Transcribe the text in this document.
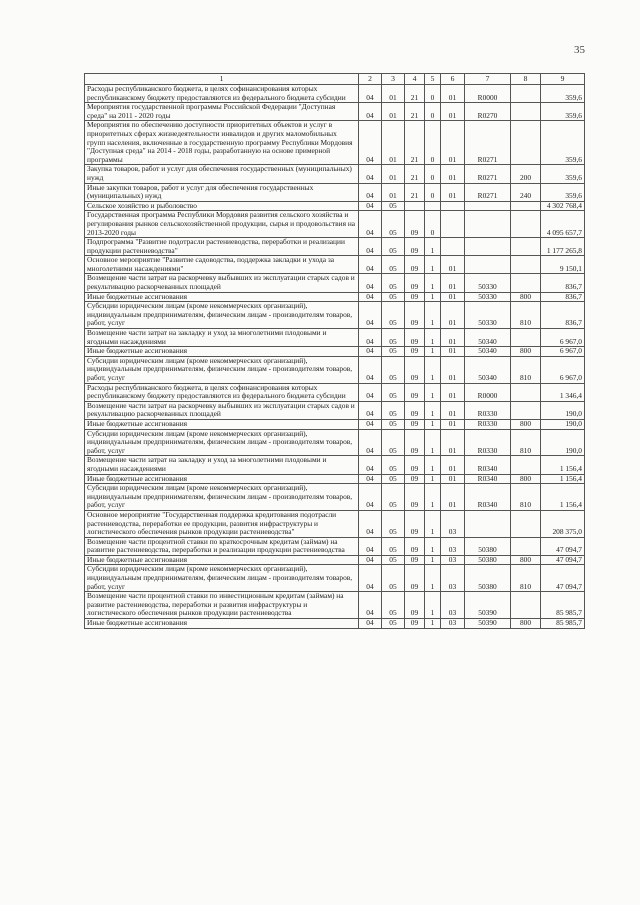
35
1	2	3	4	5	6	7	8	9
Расходы республиканского бюджета, в целях софинансирования которых республиканскому бюджету предоставляются из федерального бюджета субсидии	04	01	21	0	01	R0000		359,6
Мероприятия государственной программы Российской Федерации "Доступная среда" на 2011 - 2020 годы	04	01	21	0	01	R0270		359,6
Мероприятия по обеспечению доступности приоритетных объектов и услуг в приоритетных сферах жизнедеятельности инвалидов и других маломобильных групп населения, включенные в государственную программу Республики Мордовия "Доступная среда" на 2014 - 2018 годы, разработанную на основе примерной программы	04	01	21	0	01	R0271		359,6
Закупка товаров, работ и услуг для обеспечения государственных (муниципальных) нужд	04	01	21	0	01	R0271	200	359,6
Иные закупки товаров, работ и услуг для обеспечения государственных (муниципальных) нужд	04	01	21	0	01	R0271	240	359,6
Сельское хозяйство и рыболовство	04	05						4 302 768,4
Государственная программа Республики Мордовия развития сельского хозяйства и регулирования рынков сельскохозяйственной продукции, сырья и продовольствия на 2013-2020 годы	04	05	09	0				4 095 657,7
Подпрограмма "Развитие подотрасли растениеводства, переработки и реализации продукции растениеводства"	04	05	09	1				1 177 265,8
Основное мероприятие "Развитие садоводства, поддержка закладки и ухода за многолетними насаждениями"	04	05	09	1	01			9 150,1
Возмещение части затрат на раскорчевку выбывших из эксплуатации старых садов и рекультивацию раскорчеванных площадей	04	05	09	1	01	50330		836,7
Иные бюджетные ассигнования	04	05	09	1	01	50330	800	836,7
Субсидии юридическим лицам (кроме некоммерческих организаций), индивидуальным предпринимателям, физическим лицам - производителям товаров, работ, услуг	04	05	09	1	01	50330	810	836,7
Возмещение части затрат на закладку и уход за многолетними плодовыми и ягодными насаждениями	04	05	09	1	01	50340		6 967,0
Иные бюджетные ассигнования	04	05	09	1	01	50340	800	6 967,0
Субсидии юридическим лицам (кроме некоммерческих организаций), индивидуальным предпринимателям, физическим лицам - производителям товаров, работ, услуг	04	05	09	1	01	50340	810	6 967,0
Расходы республиканского бюджета, в целях софинансирования которых республиканскому бюджету предоставляются из федерального бюджета субсидии	04	05	09	1	01	R0000		1 346,4
Возмещение части затрат на раскорчевку выбывших из эксплуатации старых садов и рекультивацию раскорчеванных площадей	04	05	09	1	01	R0330		190,0
Иные бюджетные ассигнования	04	05	09	1	01	R0330	800	190,0
Субсидии юридическим лицам (кроме некоммерческих организаций), индивидуальным предпринимателям, физическим лицам - производителям товаров, работ, услуг	04	05	09	1	01	R0330	810	190,0
Возмещение части затрат на закладку и уход за многолетними плодовыми и ягодными насаждениями	04	05	09	1	01	R0340		1 156,4
Иные бюджетные ассигнования	04	05	09	1	01	R0340	800	1 156,4
Субсидии юридическим лицам (кроме некоммерческих организаций), индивидуальным предпринимателям, физическим лицам - производителям товаров, работ, услуг	04	05	09	1	01	R0340	810	1 156,4
Основное мероприятие "Государственная поддержка кредитования подотрасли растениеводства, переработки ее продукции, развития инфраструктуры и логистического обеспечения рынков продукции растениеводства"	04	05	09	1	03			208 375,0
Возмещение части процентной ставки по краткосрочным кредитам (займам) на развитие растениеводства, переработки и реализации продукции растениеводства	04	05	09	1	03	50380		47 094,7
Иные бюджетные ассигнования	04	05	09	1	03	50380	800	47 094,7
Субсидии юридическим лицам (кроме некоммерческих организаций), индивидуальным предпринимателям, физическим лицам - производителям товаров, работ, услуг	04	05	09	1	03	50380	810	47 094,7
Возмещение части процентной ставки по инвестиционным кредитам (займам) на развитие растениеводства, переработки и развития инфраструктуры и логистического обеспечения рынков продукции растениеводства	04	05	09	1	03	50390		85 985,7
Иные бюджетные ассигнования	04	05	09	1	03	50390	800	85 985,7
